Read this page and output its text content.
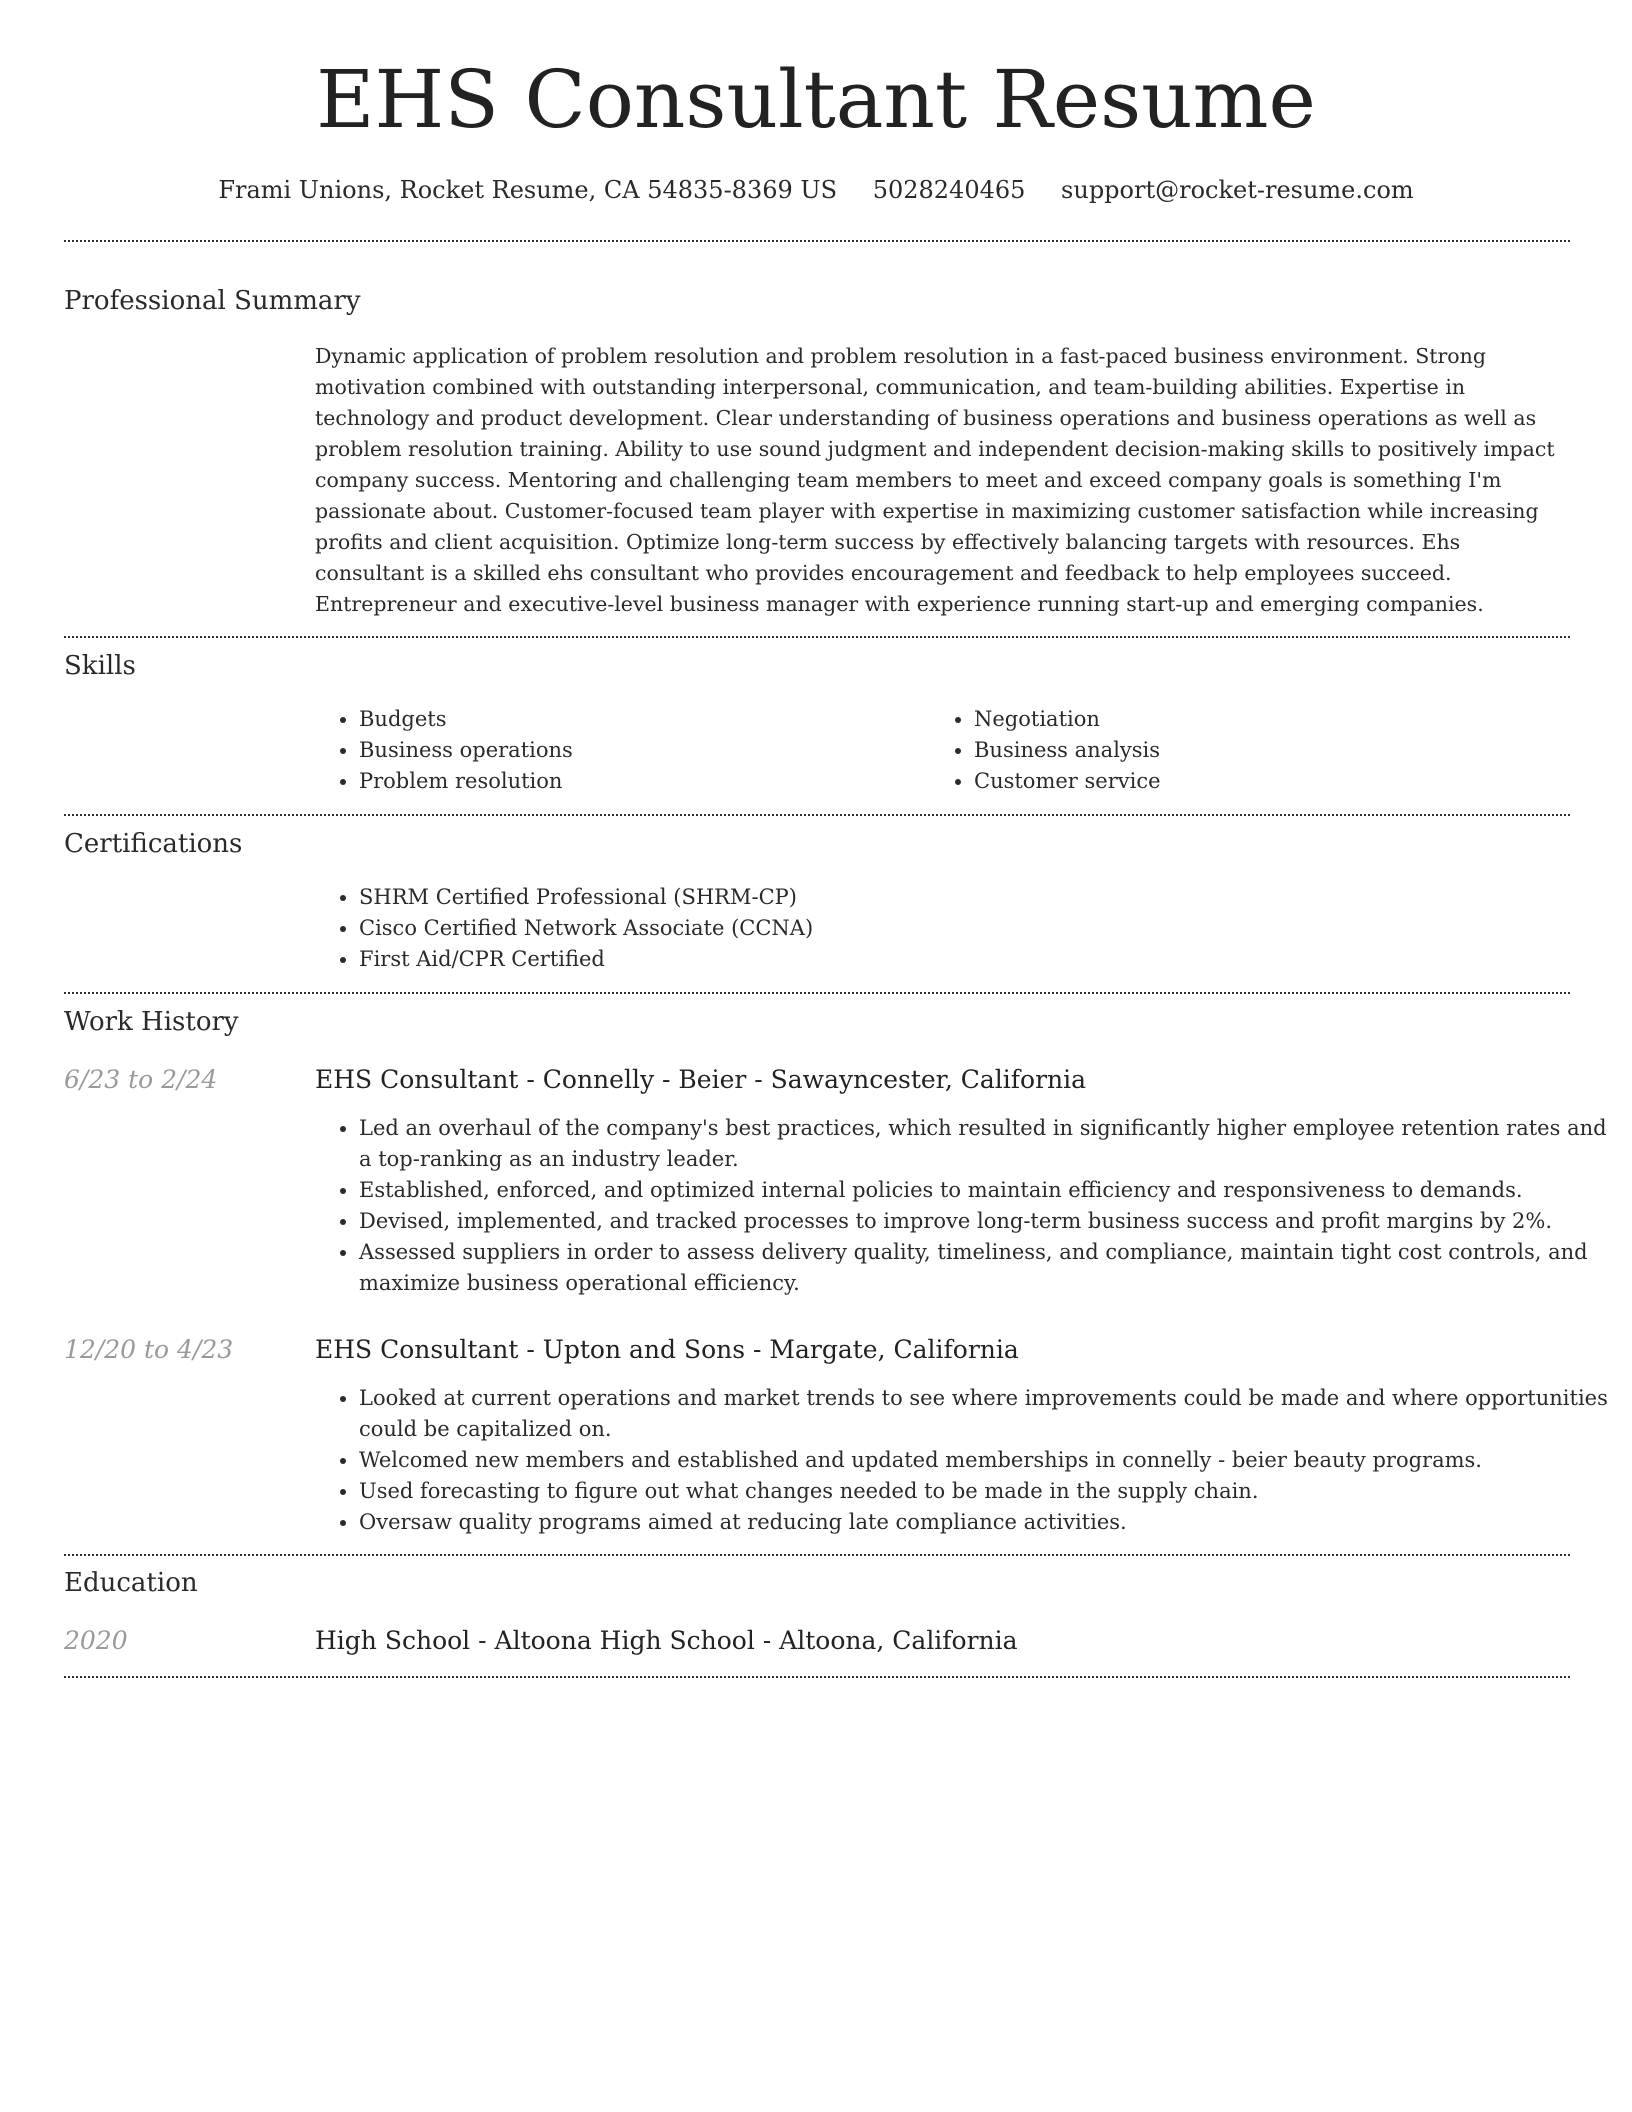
EHS Consultant Resume
Frami Unions, Rocket Resume, CA 54835-8369 US 5028240465 support@rocket-resume.com
Professional Summary

Dynamic application of problem resolution and problem resolution in a fast-paced business environment. Strong motivation combined with outstanding interpersonal, communication, and team-building abilities. Expertise in technology and product development. Clear understanding of business operations and business operations as well as problem resolution training. Ability to use sound judgment and independent decision-making skills to positively impact company success. Mentoring and challenging team members to meet and exceed company goals is something I'm passionate about. Customer-focused team player with expertise in maximizing customer satisfaction while increasing profits and client acquisition. Optimize long-term success by effectively balancing targets with resources. Ehs consultant is a skilled ehs consultant who provides encouragement and feedback to help employees succeed. Entrepreneur and executive-level business manager with experience running start-up and emerging companies.

Skills
• Budgets
• Business operations
• Problem resolution
• Negotiation
• Business analysis
• Customer service
Certifications
• SHRM Certified Professional (SHRM-CP)
• Cisco Certified Network Associate (CCNA)
• First Aid/CPR Certified
Work History
6/23 to 2/24	EHS Consultant - Connelly - Beier - Sawayncester, California
• Led an overhaul of the company's best practices, which resulted in significantly higher employee retention rates and a top-ranking as an industry leader.
• Established, enforced, and optimized internal policies to maintain efficiency and responsiveness to demands.
• Devised, implemented, and tracked processes to improve long-term business success and profit margins by 2%.
• Assessed suppliers in order to assess delivery quality, timeliness, and compliance, maintain tight cost controls, and maximize business operational efficiency.
12/20 to 4/23	EHS Consultant - Upton and Sons - Margate, California
• Looked at current operations and market trends to see where improvements could be made and where opportunities could be capitalized on.
• Welcomed new members and established and updated memberships in connelly - beier beauty programs.
• Used forecasting to figure out what changes needed to be made in the supply chain.
• Oversaw quality programs aimed at reducing late compliance activities.
Education
2020	High School - Altoona High School - Altoona, California
